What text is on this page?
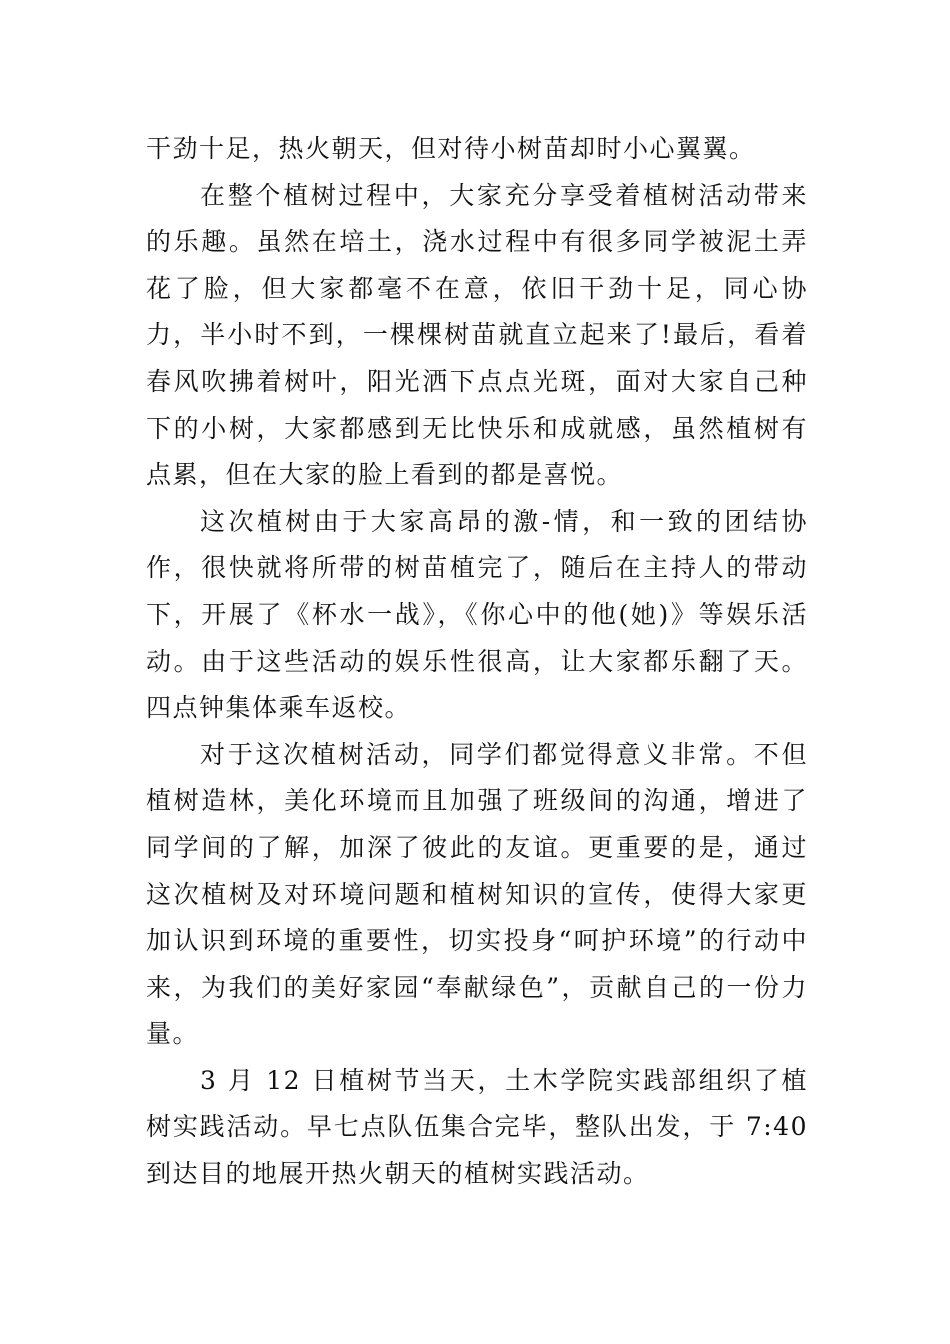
干劲十足，热火朝天，但对待小树苗却时小心翼翼。

在整个植树过程中，大家充分享受着植树活动带来的乐趣。虽然在培土，浇水过程中有很多同学被泥土弄花了脸，但大家都毫不在意，依旧干劲十足，同心协力，半小时不到，一棵棵树苗就直立起来了!最后，看着春风吹拂着树叶，阳光洒下点点光斑，面对大家自己种下的小树，大家都感到无比快乐和成就感，虽然植树有点累，但在大家的脸上看到的都是喜悦。

这次植树由于大家高昂的激-情，和一致的团结协作，很快就将所带的树苗植完了，随后在主持人的带动下，开展了《杯水一战》，《你心中的他(她)》等娱乐活动。由于这些活动的娱乐性很高，让大家都乐翻了天。四点钟集体乘车返校。

对于这次植树活动，同学们都觉得意义非常。不但植树造林，美化环境而且加强了班级间的沟通，增进了同学间的了解，加深了彼此的友谊。更重要的是，通过这次植树及对环境问题和植树知识的宣传，使得大家更加认识到环境的重要性，切实投身“呵护环境”的行动中来，为我们的美好家园“奉献绿色”，贡献自己的一份力量。

3 月 12 日植树节当天，土木学院实践部组织了植树实践活动。早七点队伍集合完毕，整队出发，于 7:40 到达目的地展开热火朝天的植树实践活动。
